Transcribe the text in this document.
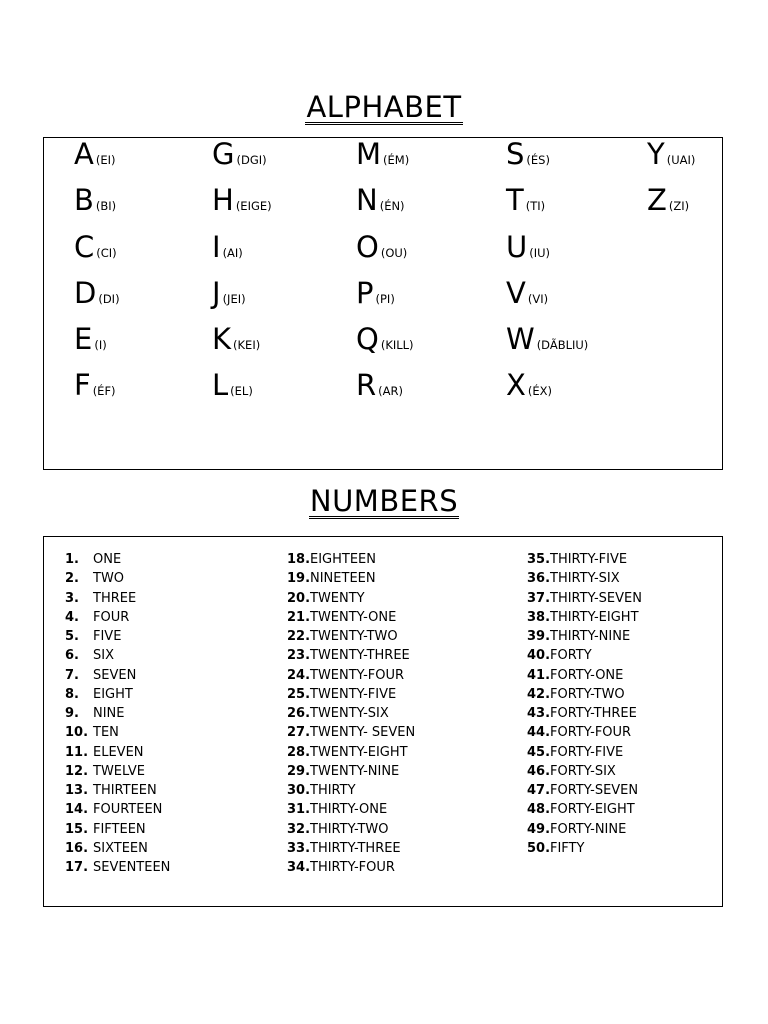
ALPHABET
A (EI)
B (BI)
C (CI)
D (DI)
E (I)
F (ÉF)
G (DGI)
H (EIGE)
I (AI)
J (JEI)
K (KEI)
L (EL)
M (ÉM)
N (ÉN)
O (OU)
P (PI)
Q (KILL)
R (AR)
S (ÉS)
T (TI)
U (IU)
V (VI)
W (DÃBLIU)
X (ÉX)
Y (UAI)
Z (ZI)
NUMBERS
1. ONE
2. TWO
3. THREE
4. FOUR
5. FIVE
6. SIX
7. SEVEN
8. EIGHT
9. NINE
10. TEN
11. ELEVEN
12. TWELVE
13. THIRTEEN
14. FOURTEEN
15. FIFTEEN
16. SIXTEEN
17. SEVENTEEN
18.EIGHTEEN
19.NINETEEN
20.TWENTY
21.TWENTY-ONE
22.TWENTY-TWO
23.TWENTY-THREE
24.TWENTY-FOUR
25.TWENTY-FIVE
26.TWENTY-SIX
27.TWENTY- SEVEN
28.TWENTY-EIGHT
29.TWENTY-NINE
30.THIRTY
31.THIRTY-ONE
32.THIRTY-TWO
33.THIRTY-THREE
34.THIRTY-FOUR
35.THIRTY-FIVE
36.THIRTY-SIX
37.THIRTY-SEVEN
38.THIRTY-EIGHT
39.THIRTY-NINE
40.FORTY
41.FORTY-ONE
42.FORTY-TWO
43.FORTY-THREE
44.FORTY-FOUR
45.FORTY-FIVE
46.FORTY-SIX
47.FORTY-SEVEN
48.FORTY-EIGHT
49.FORTY-NINE
50.FIFTY
